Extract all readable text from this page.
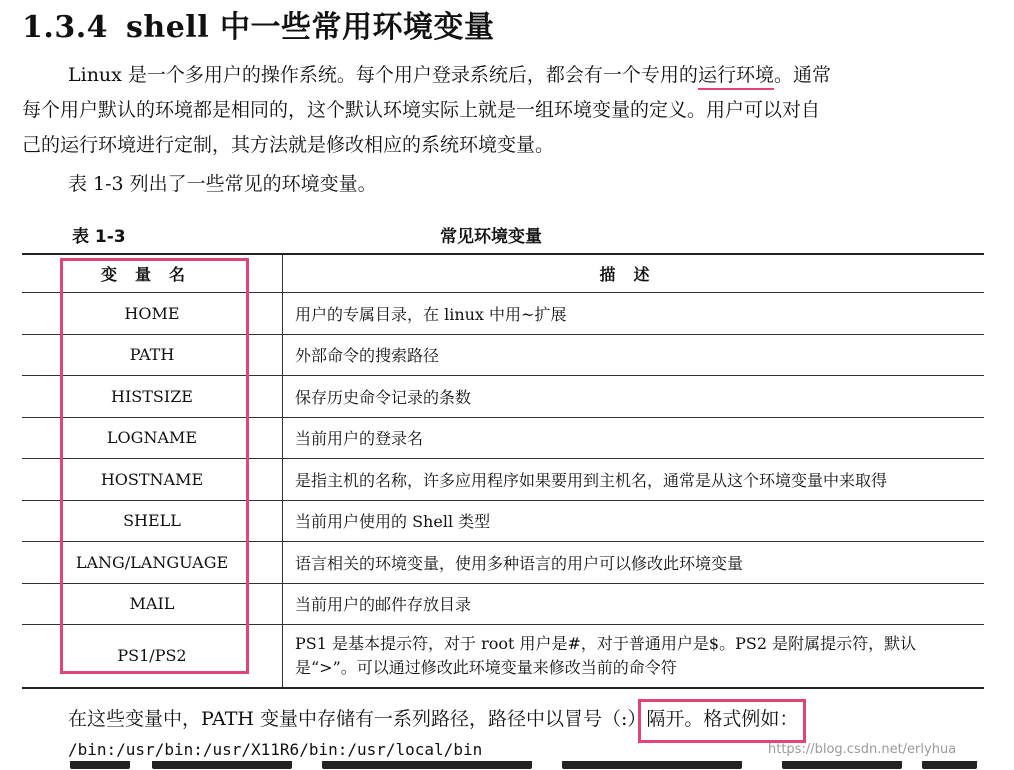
1.3.4 shell 中一些常用环境变量
Linux 是一个多用户的操作系统。每个用户登录系统后，都会有一个专用的运行环境。通常
每个用户默认的环境都是相同的，这个默认环境实际上就是一组环境变量的定义。用户可以对自
己的运行环境进行定制，其方法就是修改相应的系统环境变量。
表 1-3 列出了一些常见的环境变量。
表 1-3	常见环境变量
变量名	描述
HOME	用户的专属目录，在 linux 中用~扩展
PATH	外部命令的搜索路径
HISTSIZE	保存历史命令记录的条数
LOGNAME	当前用户的登录名
HOSTNAME	是指主机的名称，许多应用程序如果要用到主机名，通常是从这个环境变量中来取得
SHELL	当前用户使用的 Shell 类型
LANG/LANGUAGE	语言相关的环境变量，使用多种语言的用户可以修改此环境变量
MAIL	当前用户的邮件存放目录
PS1/PS2	PS1 是基本提示符，对于 root 用户是#，对于普通用户是$。PS2 是附属提示符，默认
是“>”。可以通过修改此环境变量来修改当前的命令符
在这些变量中，PATH 变量中存储有一系列路径，路径中以冒号（:）隔开。格式例如：
/bin:/usr/bin:/usr/X11R6/bin:/usr/local/bin	https://blog.csdn.net/erlyhua
